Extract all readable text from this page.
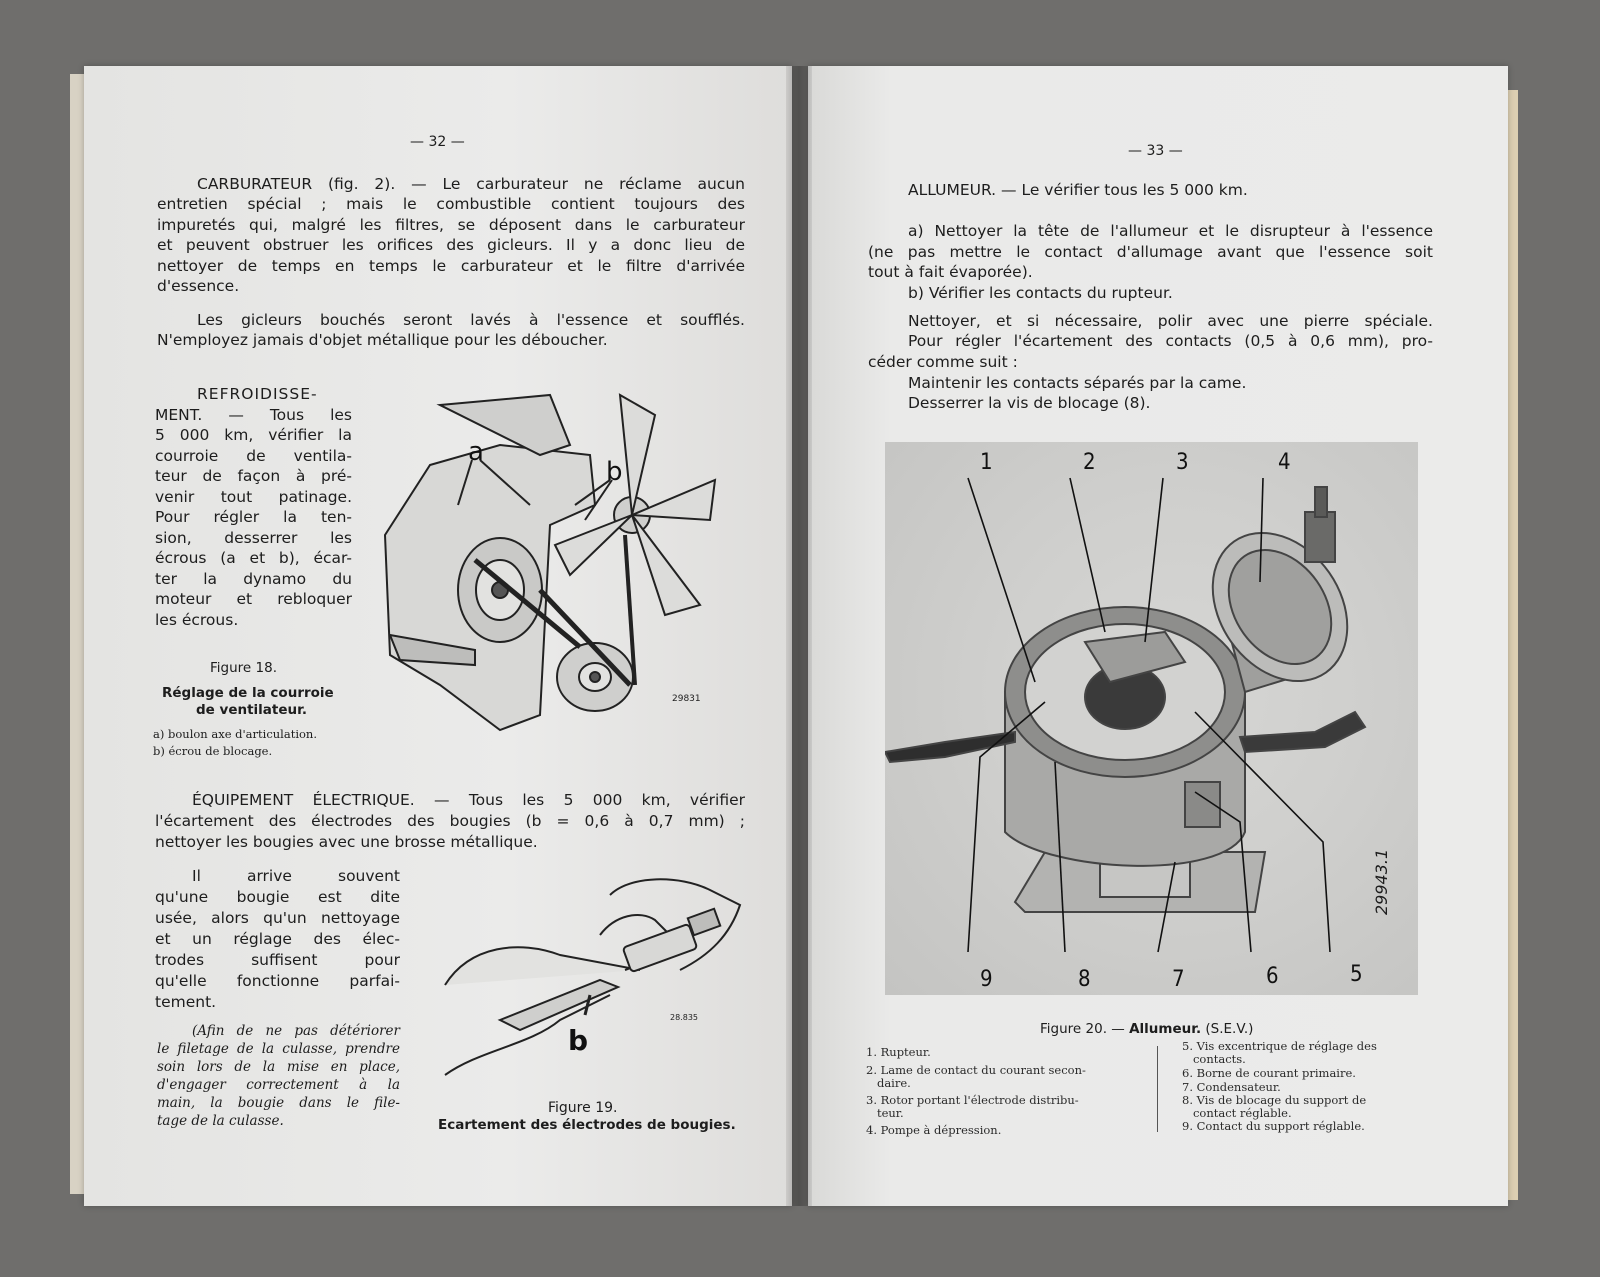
— 32 —
CARBURATEUR (fig. 2). — Le carburateur ne réclame aucun
entretien spécial ; mais le combustible contient toujours des
impuretés qui, malgré les filtres, se déposent dans le carburateur
et peuvent obstruer les orifices des gicleurs. Il y a donc lieu de
nettoyer de temps en temps le carburateur et le filtre d'arrivée
d'essence.
Les gicleurs bouchés seront lavés à l'essence et soufflés.
N'employez jamais d'objet métallique pour les déboucher.
REFROIDISSE-
MENT. — Tous les
5 000 km, vérifier la
courroie de ventila-
teur de façon à pré-
venir tout patinage.
Pour régler la ten-
sion, desserrer les
écrous (a et b), écar-
ter la dynamo du
moteur et rebloquer
les écrous.
a
b
29831
Figure 18.
Réglage de la courroie
de ventilateur.
a) boulon axe d'articulation.
b) écrou de blocage.
ÉQUIPEMENT ÉLECTRIQUE. — Tous les 5 000 km, vérifier
l'écartement des électrodes des bougies (b = 0,6 à 0,7 mm) ;
nettoyer les bougies avec une brosse métallique.
Il arrive souvent
qu'une bougie est dite
usée, alors qu'un nettoyage
et un réglage des élec-
trodes suffisent pour
qu'elle fonctionne parfai-
tement.
(Afin de ne pas détériorer
le filetage de la culasse, prendre
soin lors de la mise en place,
d'engager correctement à la
main, la bougie dans le file-
tage de la culasse.
b
28.835
Figure 19.
Ecartement des électrodes de bougies.
— 33 —
ALLUMEUR. — Le vérifier tous les 5 000 km.
a) Nettoyer la tête de l'allumeur et le disrupteur à l'essence
(ne pas mettre le contact d'allumage avant que l'essence soit
tout à fait évaporée).
b) Vérifier les contacts du rupteur.
Nettoyer, et si nécessaire, polir avec une pierre spéciale.
Pour régler l'écartement des contacts (0,5 à 0,6 mm), pro-
céder comme suit :
Maintenir les contacts séparés par la came.
Desserrer la vis de blocage (8).
1	2	3	4
9	8	7	6	5
29943.1
Figure 20. — Allumeur. (S.E.V.)
1. Rupteur.
2. Lame de contact du courant secon-
daire.
3. Rotor portant l'électrode distribu-
teur.
4. Pompe à dépression.
5. Vis excentrique de réglage des
contacts.
6. Borne de courant primaire.
7. Condensateur.
8. Vis de blocage du support de
contact réglable.
9. Contact du support réglable.
